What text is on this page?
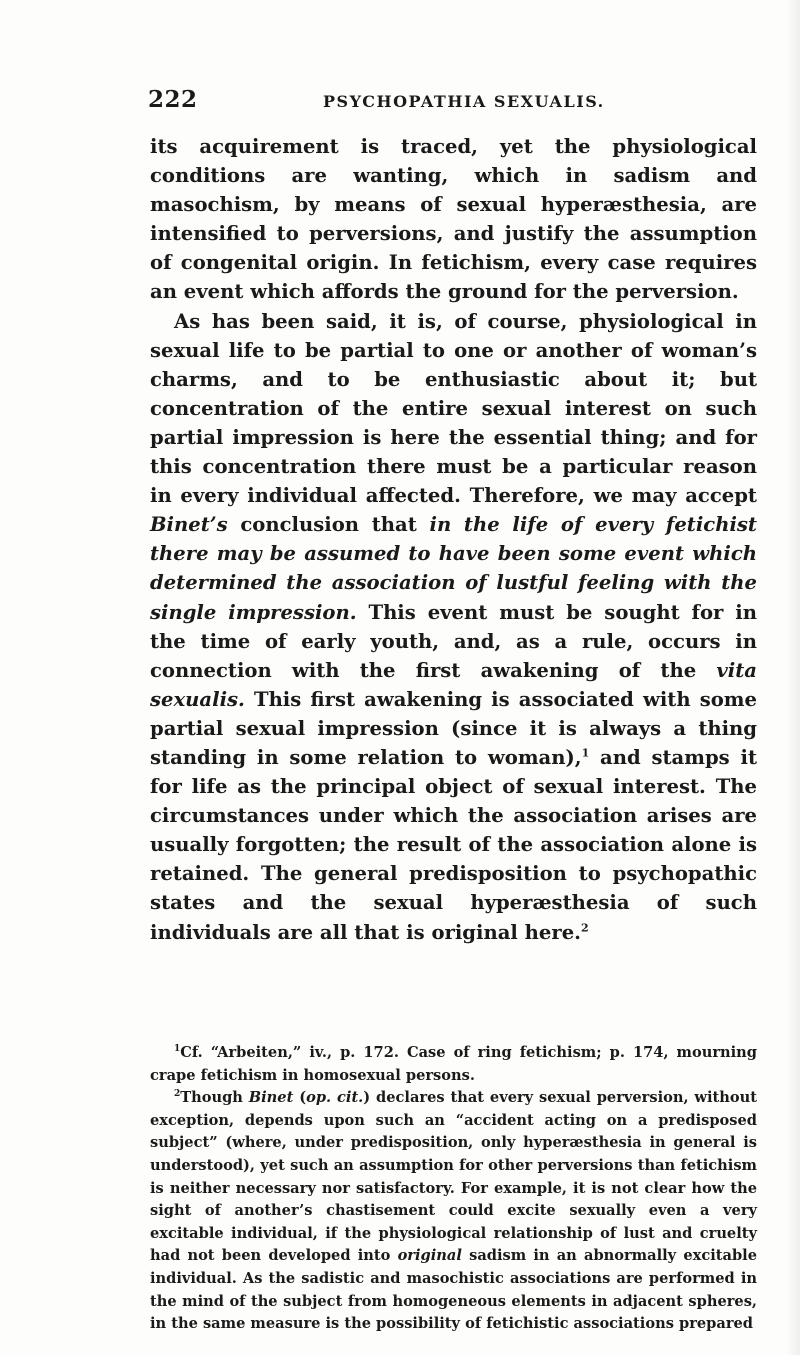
222	PSYCHOPATHIA SEXUALIS.

its acquirement is traced, yet the physiological conditions are wanting, which in sadism and masochism, by means of sexual hyperæsthesia, are intensified to perversions, and justify the assumption of congenital origin. In fetichism, every case requires an event which affords the ground for the perversion.

As has been said, it is, of course, physiological in sexual life to be partial to one or another of woman’s charms, and to be enthusiastic about it; but concentration of the entire sexual interest on such partial impression is here the essential thing; and for this concentration there must be a particular reason in every individual affected. Therefore, we may accept Binet’s conclusion that in the life of every fetichist there may be assumed to have been some event which determined the association of lustful feeling with the single impression. This event must be sought for in the time of early youth, and, as a rule, occurs in connection with the first awakening of the vita sexualis. This first awakening is associated with some partial sexual impression (since it is always a thing standing in some relation to woman),$^1$ and stamps it for life as the principal object of sexual interest. The circumstances under which the association arises are usually forgotten; the result of the association alone is retained. The general predisposition to psychopathic states and the sexual hyperæsthesia of such individuals are all that is original here.$^2$

$^1$Cf. “Arbeiten,” iv., p. 172. Case of ring fetichism; p. 174, mourning crape fetichism in homosexual persons.

$^2$Though Binet (op. cit.) declares that every sexual perversion, without exception, depends upon such an “accident acting on a predisposed subject” (where, under predisposition, only hyperæsthesia in general is understood), yet such an assumption for other perversions than fetichism is neither necessary nor satisfactory. For example, it is not clear how the sight of another’s chastisement could excite sexually even a very excitable individual, if the physiological relationship of lust and cruelty had not been developed into original sadism in an abnormally excitable individual. As the sadistic and masochistic associations are performed in the mind of the subject from homogeneous elements in adjacent spheres, in the same measure is the possibility of fetichistic associations prepared
